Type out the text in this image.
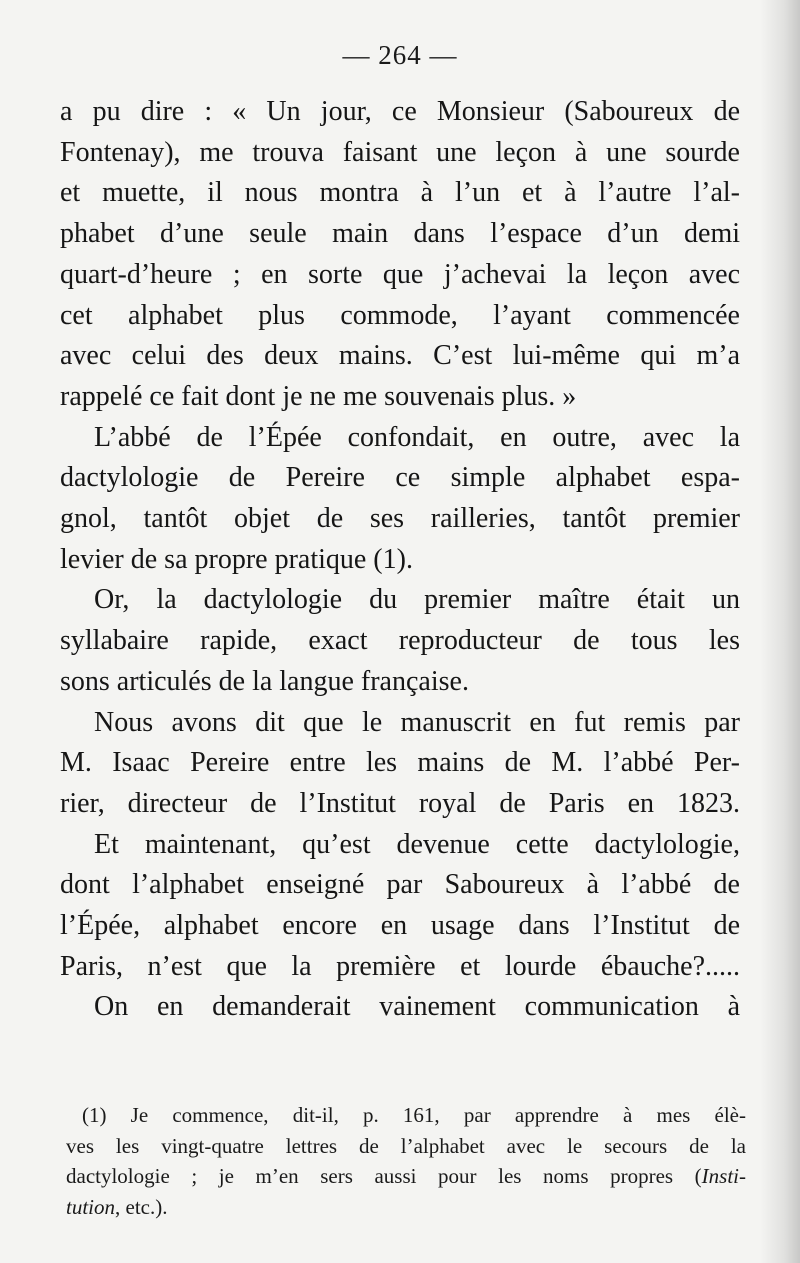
— 264 —
a pu dire : « Un jour, ce Monsieur (Saboureux de
Fontenay), me trouva faisant une leçon à une sourde
et muette, il nous montra à l’un et à l’autre l’al-
phabet d’une seule main dans l’espace d’un demi
quart-d’heure ; en sorte que j’achevai la leçon avec
cet alphabet plus commode, l’ayant commencée
avec celui des deux mains. C’est lui-même qui m’a
rappelé ce fait dont je ne me souvenais plus. »
L’abbé de l’Épée confondait, en outre, avec la
dactylologie de Pereire ce simple alphabet espa-
gnol, tantôt objet de ses railleries, tantôt premier
levier de sa propre pratique (1).
Or, la dactylologie du premier maître était un
syllabaire rapide, exact reproducteur de tous les
sons articulés de la langue française.
Nous avons dit que le manuscrit en fut remis par
M. Isaac Pereire entre les mains de M. l’abbé Per-
rier, directeur de l’Institut royal de Paris en 1823.
Et maintenant, qu’est devenue cette dactylologie,
dont l’alphabet enseigné par Saboureux à l’abbé de
l’Épée, alphabet encore en usage dans l’Institut de
Paris, n’est que la première et lourde ébauche?.....
On en demanderait vainement communication à
(1) Je commence, dit-il, p. 161, par apprendre à mes élè-
ves les vingt-quatre lettres de l’alphabet avec le secours de la
dactylologie ; je m’en sers aussi pour les noms propres (Insti-
tution, etc.).
